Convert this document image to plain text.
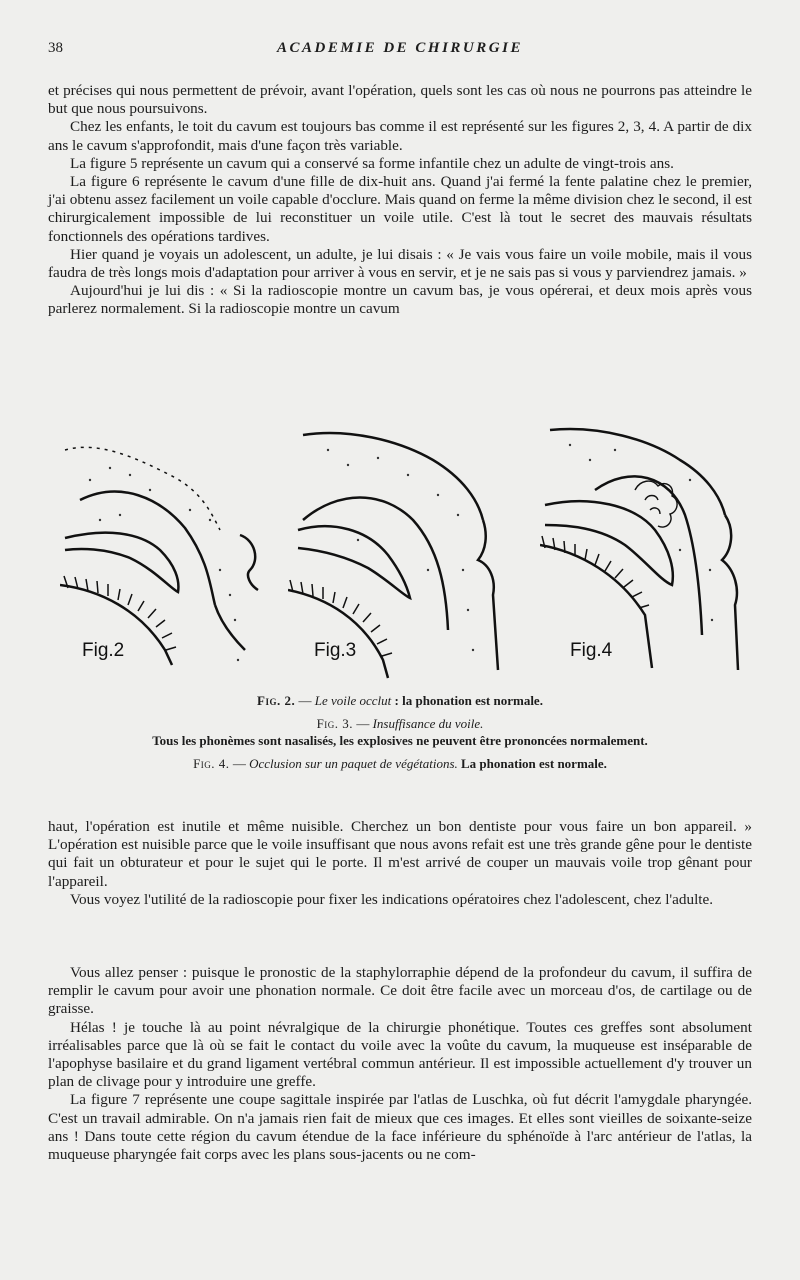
38	ACADEMIE DE CHIRURGIE

et précises qui nous permettent de prévoir, avant l'opération, quels sont les cas où nous ne pourrons pas atteindre le but que nous poursuivons.

Chez les enfants, le toit du cavum est toujours bas comme il est représenté sur les figures 2, 3, 4. A partir de dix ans le cavum s'approfondit, mais d'une façon très variable.

La figure 5 représente un cavum qui a conservé sa forme infantile chez un adulte de vingt-trois ans.

La figure 6 représente le cavum d'une fille de dix-huit ans. Quand j'ai fermé la fente palatine chez le premier, j'ai obtenu assez facilement un voile capable d'occlure. Mais quand on ferme la même division chez le second, il est chirurgicalement impossible de lui reconstituer un voile utile. C'est là tout le secret des mauvais résultats fonctionnels des opérations tardives.

Hier quand je voyais un adolescent, un adulte, je lui disais : « Je vais vous faire un voile mobile, mais il vous faudra de très longs mois d'adaptation pour arriver à vous en servir, et je ne sais pas si vous y parviendrez jamais. »

Aujourd'hui je lui dis : « Si la radioscopie montre un cavum bas, je vous opérerai, et deux mois après vous parlerez normalement. Si la radioscopie montre un cavum

Fig.2	Fig.3	Fig.4

Fig. 2. — Le voile occlut : la phonation est normale.

Fig. 3. — Insuffisance du voile.
Tous les phonèmes sont nasalisés, les explosives ne peuvent être prononcées normalement.

Fig. 4. — Occlusion sur un paquet de végétations. La phonation est normale.

haut, l'opération est inutile et même nuisible. Cherchez un bon dentiste pour vous faire un bon appareil. » L'opération est nuisible parce que le voile insuffisant que nous avons refait est une très grande gêne pour le dentiste qui fait un obturateur et pour le sujet qui le porte. Il m'est arrivé de couper un mauvais voile trop gênant pour l'appareil.

Vous voyez l'utilité de la radioscopie pour fixer les indications opératoires chez l'adolescent, chez l'adulte.

Vous allez penser : puisque le pronostic de la staphylorraphie dépend de la profondeur du cavum, il suffira de remplir le cavum pour avoir une phonation normale. Ce doit être facile avec un morceau d'os, de cartilage ou de graisse.

Hélas ! je touche là au point névralgique de la chirurgie phonétique. Toutes ces greffes sont absolument irréalisables parce que là où se fait le contact du voile avec la voûte du cavum, la muqueuse est inséparable de l'apophyse basilaire et du grand ligament vertébral commun antérieur. Il est impossible actuellement d'y trouver un plan de clivage pour y introduire une greffe.

La figure 7 représente une coupe sagittale inspirée par l'atlas de Luschka, où fut décrit l'amygdale pharyngée. C'est un travail admirable. On n'a jamais rien fait de mieux que ces images. Et elles sont vieilles de soixante-seize ans ! Dans toute cette région du cavum étendue de la face inférieure du sphénoïde à l'arc antérieur de l'atlas, la muqueuse pharyngée fait corps avec les plans sous-jacents ou ne com-
